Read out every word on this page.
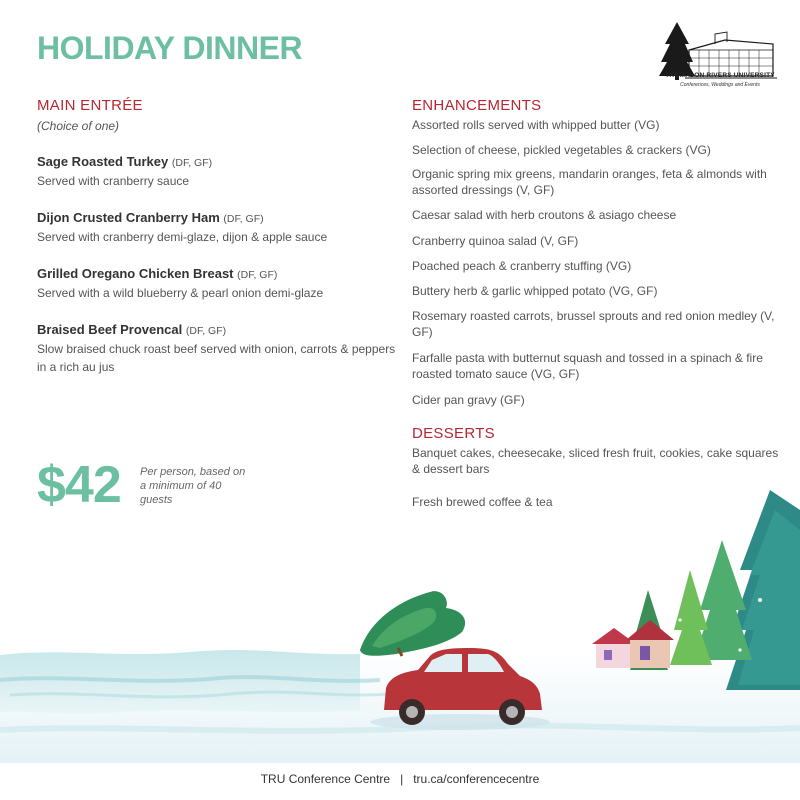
HOLIDAY DINNER
THOMPSON RIVERS UNIVERSITY
Conferences, Weddings and Events
MAIN ENTRÉE
(Choice of one)
Sage Roasted Turkey (DF, GF)
Served with cranberry sauce
Dijon Crusted Cranberry Ham (DF, GF)
Served with cranberry demi-glaze, dijon & apple sauce
Grilled Oregano Chicken Breast (DF, GF)
Served with a wild blueberry & pearl onion demi-glaze
Braised Beef Provencal (DF, GF)
Slow braised chuck roast beef served with onion, carrots & peppers in a rich au jus
$42 Per person, based on a minimum of 40 guests
ENHANCEMENTS
Assorted rolls served with whipped butter (VG)
Selection of cheese, pickled vegetables & crackers (VG)
Organic spring mix greens, mandarin oranges, feta & almonds with assorted dressings (V, GF)
Caesar salad with herb croutons & asiago cheese
Cranberry quinoa salad (V, GF)
Poached peach & cranberry stuffing (VG)
Buttery herb & garlic whipped potato (VG, GF)
Rosemary roasted carrots, brussel sprouts and red onion medley (V, GF)
Farfalle pasta with butternut squash and tossed in a spinach & fire roasted tomato sauce (VG, GF)
Cider pan gravy (GF)
DESSERTS
Banquet cakes, cheesecake, sliced fresh fruit, cookies, cake squares & dessert bars
Fresh brewed coffee & tea
TRU Conference Centre | tru.ca/conferencecentre
